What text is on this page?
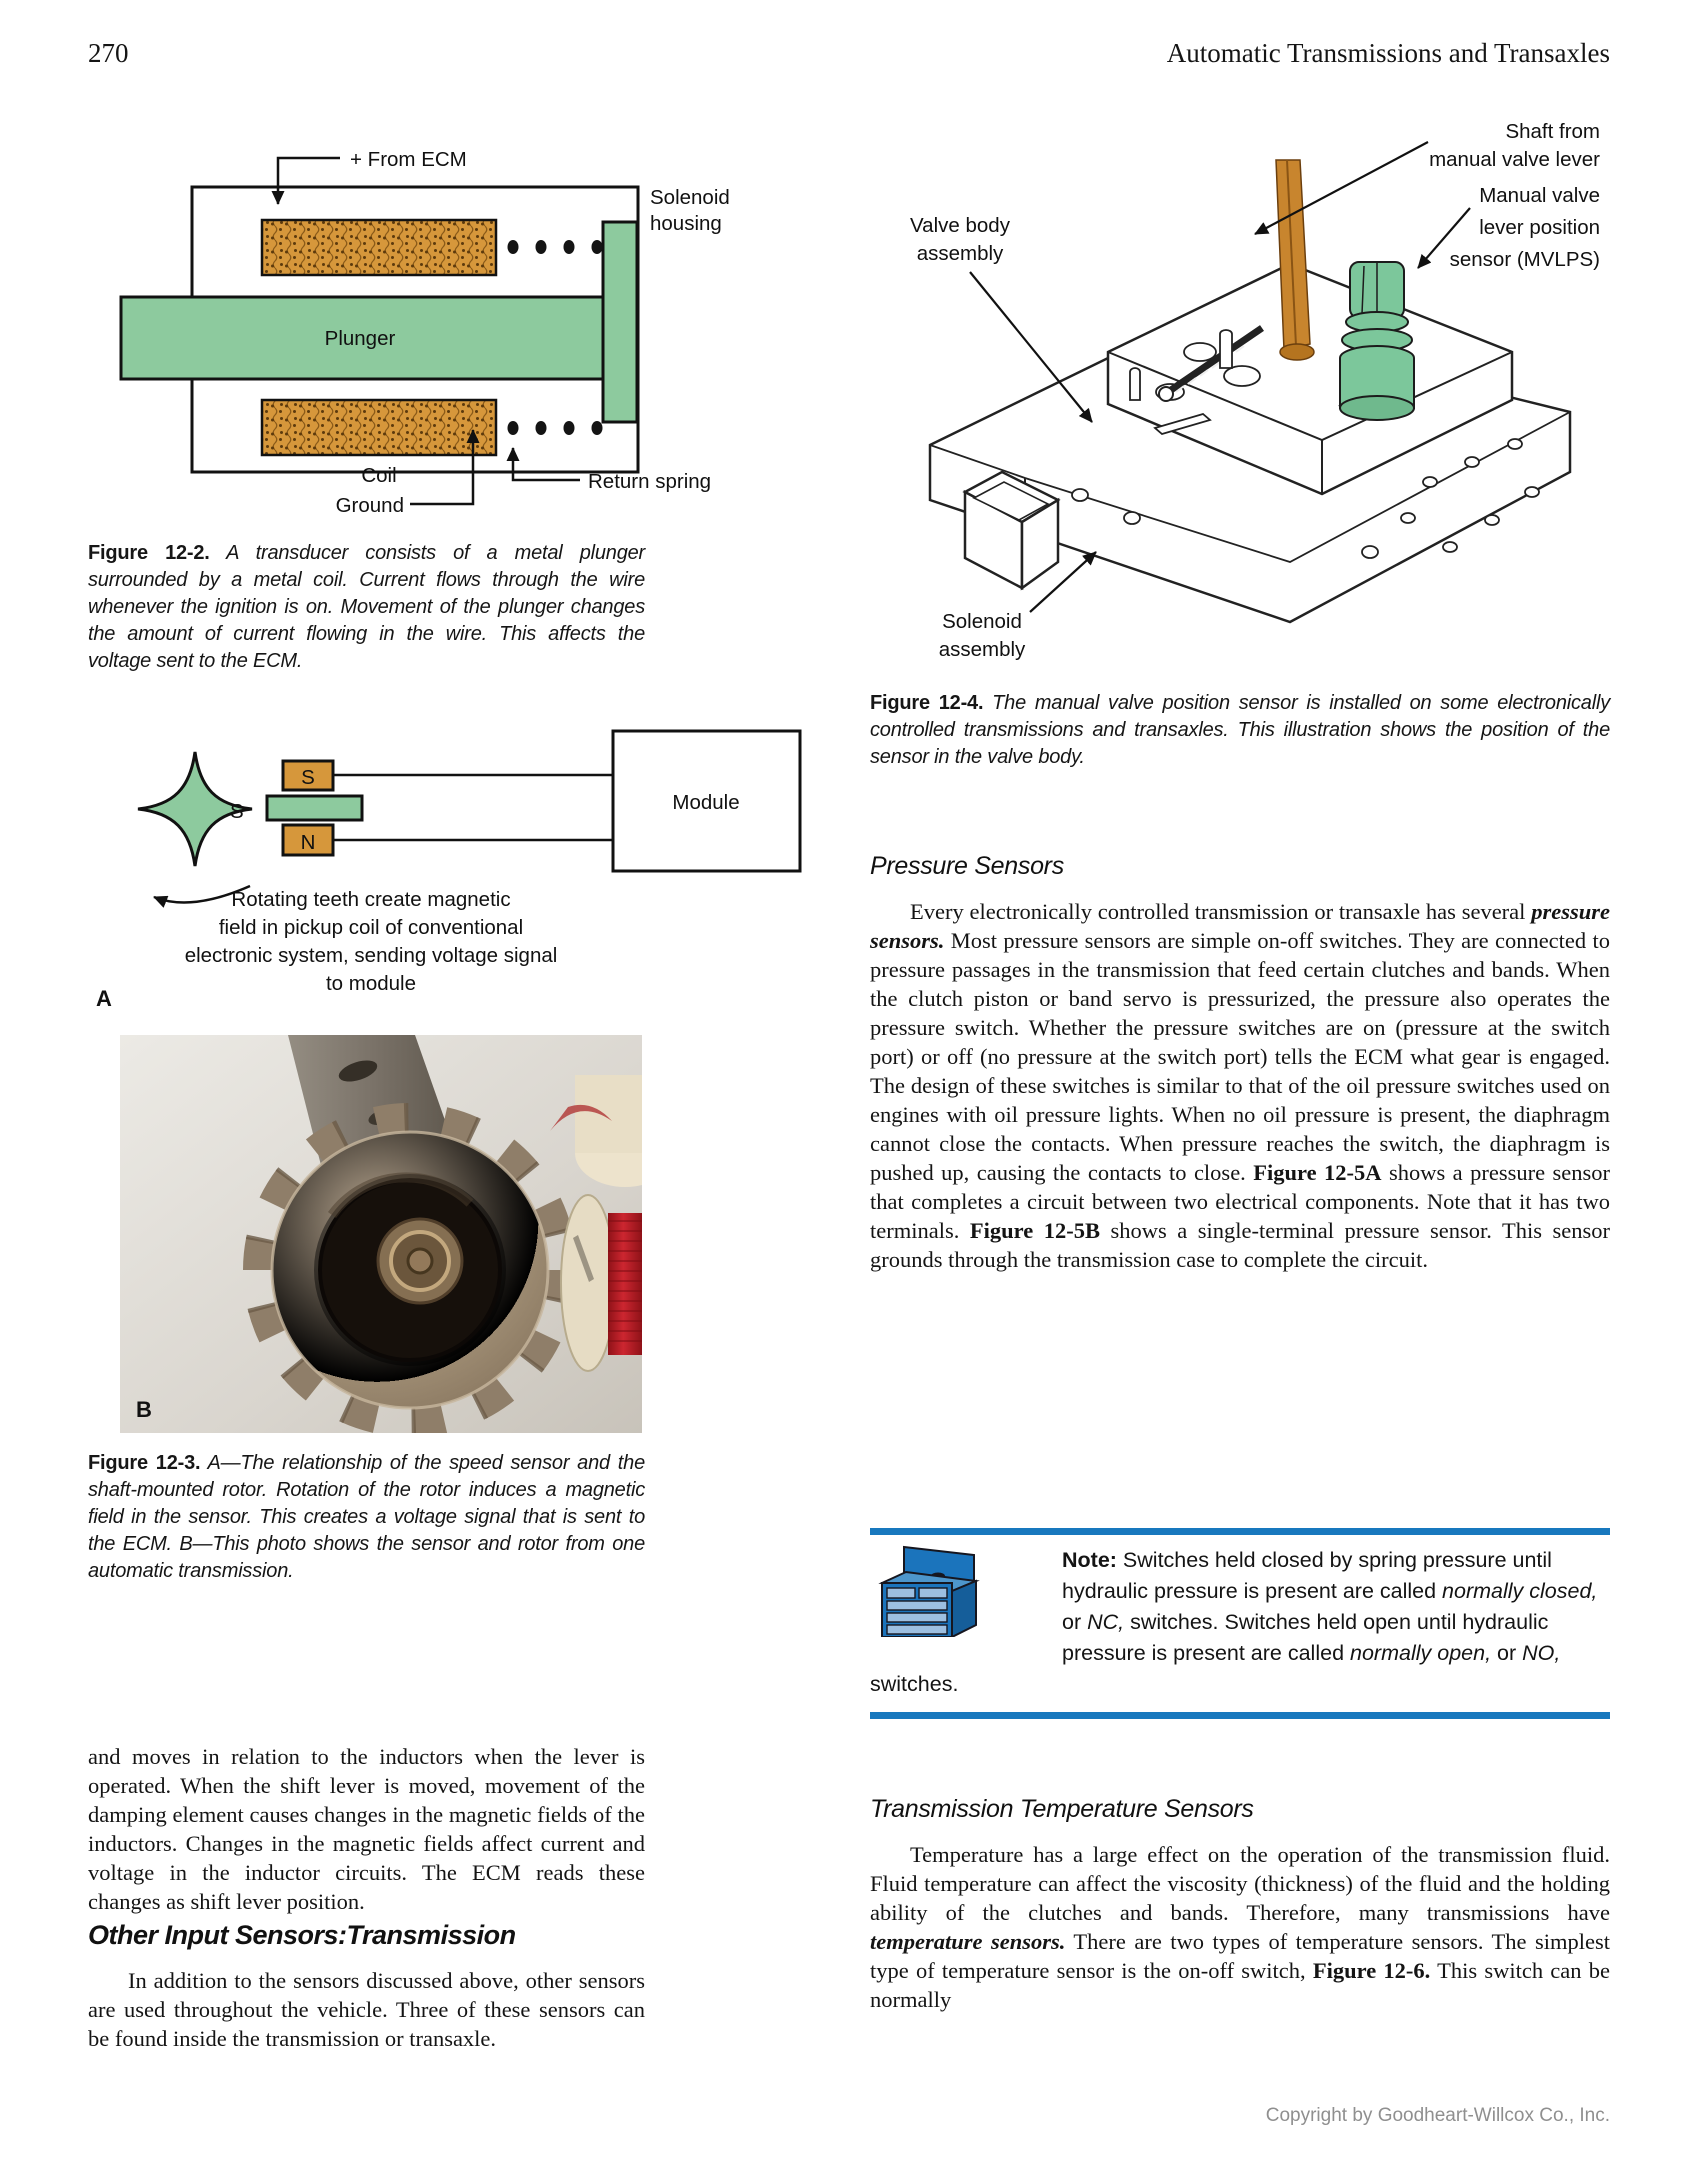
270	Automatic Transmissions and Transaxles
+ From ECM
Solenoid
housing
Plunger
Coil
Ground
Return spring
Figure 12-2. A transducer consists of a metal plunger surrounded by a metal coil. Current flows through the wire whenever the ignition is on. Movement of the plunger changes the amount of current flowing in the wire. This affects the voltage sent to the ECM.
S
S
N
Module
Rotating teeth create magnetic
field in pickup coil of conventional
electronic system, sending voltage signal
to module
A
B
Figure 12-3. A—The relationship of the speed sensor and the shaft-mounted rotor. Rotation of the rotor induces a magnetic field in the sensor. This creates a voltage signal that is sent to the ECM. B—This photo shows the sensor and rotor from one automatic transmission.
and moves in relation to the inductors when the lever is operated. When the shift lever is moved, movement of the damping element causes changes in the magnetic fields of the inductors. Changes in the magnetic fields affect current and voltage in the inductor circuits. The ECM reads these changes as shift lever position.
Other Input Sensors:Transmission
In addition to the sensors discussed above, other sensors are used throughout the vehicle. Three of these sensors can be found inside the transmission or transaxle.
Shaft from
manual valve lever
Manual valve
lever position
sensor (MVLPS)
Valve body
assembly
Solenoid
assembly
Figure 12-4. The manual valve position sensor is installed on some electronically controlled transmissions and transaxles. This illustration shows the position of the sensor in the valve body.
Pressure Sensors
Every electronically controlled transmission or transaxle has several pressure sensors. Most pressure sensors are simple on-off switches. They are connected to pressure passages in the transmission that feed certain clutches and bands. When the clutch piston or band servo is pressurized, the pressure also operates the pressure switch. Whether the pressure switches are on (pressure at the switch port) or off (no pressure at the switch port) tells the ECM what gear is engaged. The design of these switches is similar to that of the oil pressure switches used on engines with oil pressure lights. When no oil pressure is present, the diaphragm cannot close the contacts. When pressure reaches the switch, the diaphragm is pushed up, causing the contacts to close. Figure 12-5A shows a pressure sensor that completes a circuit between two electrical components. Note that it has two terminals. Figure 12-5B shows a single-terminal pressure sensor. This sensor grounds through the transmission case to complete the circuit.
Note: Switches held closed by spring pressure until hydraulic pressure is present are called normally closed, or NC, switches. Switches held open until hydraulic pressure is present are called normally open, or NO, switches.
Transmission Temperature Sensors
Temperature has a large effect on the operation of the transmission fluid. Fluid temperature can affect the viscosity (thickness) of the fluid and the holding ability of the clutches and bands. Therefore, many transmissions have temperature sensors. There are two types of temperature sensors. The simplest type of temperature sensor is the on-off switch, Figure 12-6. This switch can be normally
Copyright by Goodheart-Willcox Co., Inc.
